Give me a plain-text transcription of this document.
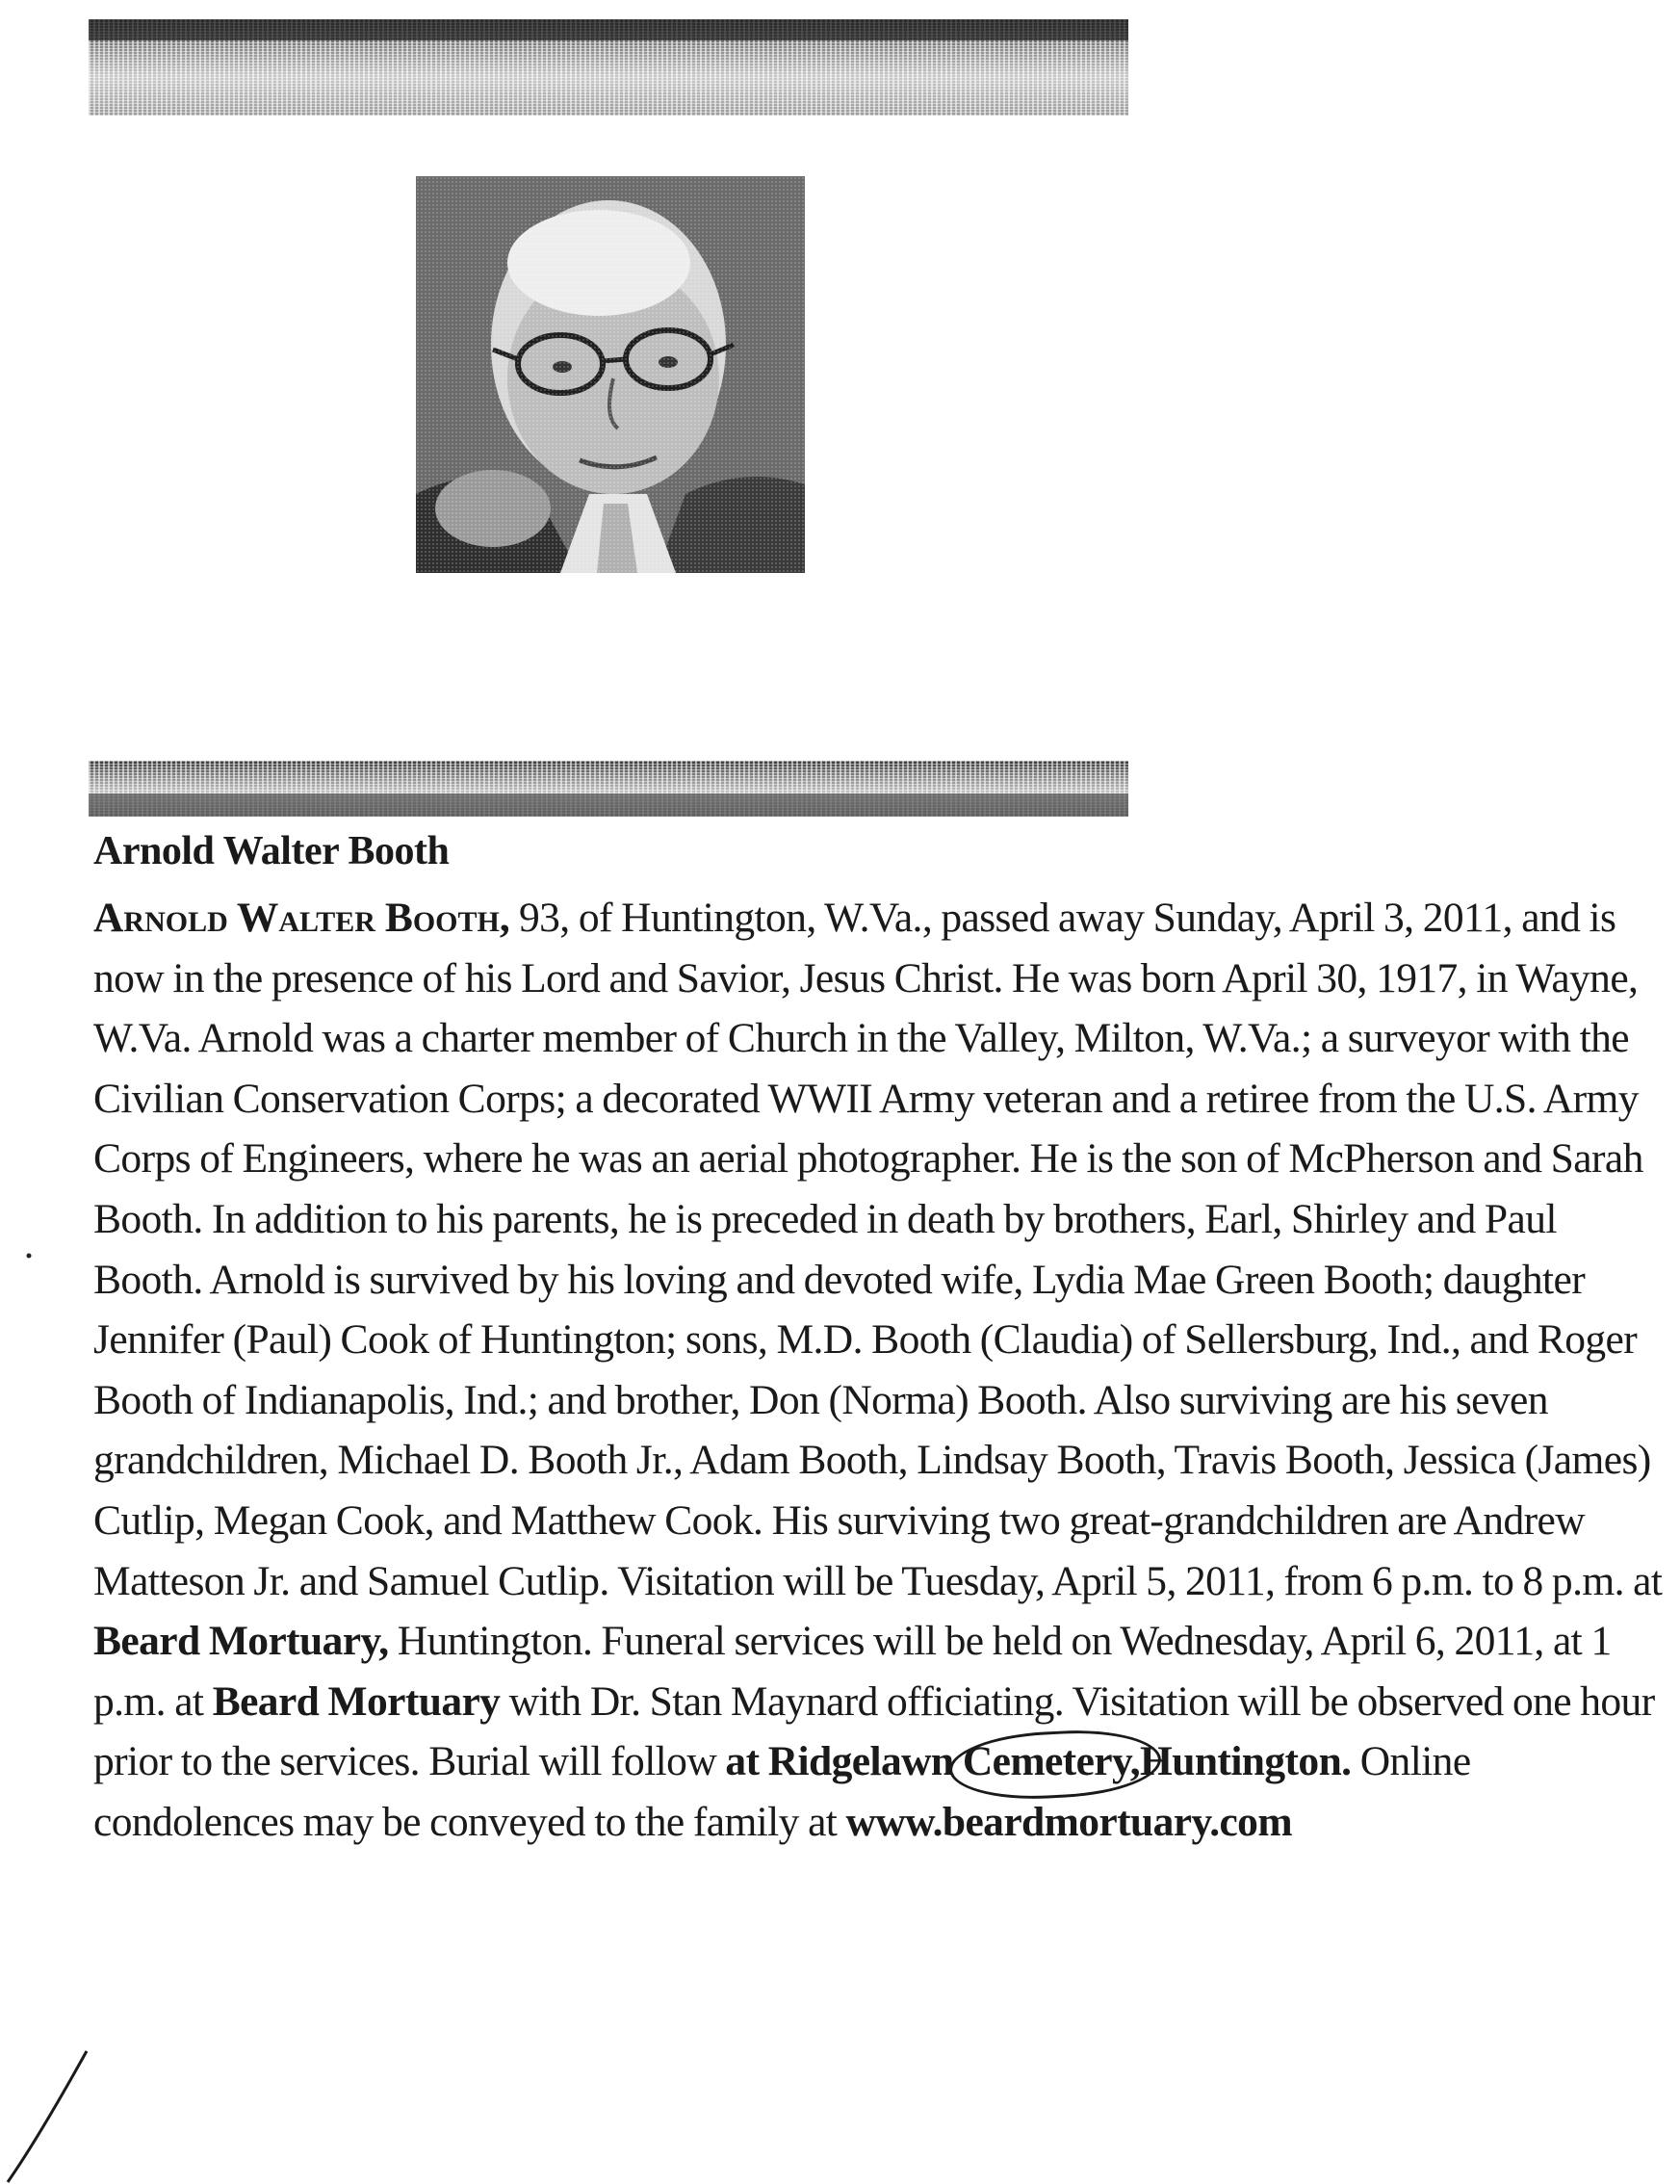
Arnold Walter Booth

Arnold Walter Booth, 93, of Huntington, W.Va., passed away Sunday, April 3, 2011, and is now in the presence of his Lord and Savior, Jesus Christ. He was born April 30, 1917, in Wayne, W.Va. Arnold was a charter member of Church in the Valley, Milton, W.Va.; a surveyor with the Civilian Conservation Corps; a decorated WWII Army veteran and a retiree from the U.S. Army Corps of Engineers, where he was an aerial photographer. He is the son of McPherson and Sarah Booth. In addition to his parents, he is preceded in death by brothers, Earl, Shirley and Paul Booth. Arnold is survived by his loving and devoted wife, Lydia Mae Green Booth; daughter Jennifer (Paul) Cook of Huntington; sons, M.D. Booth (Claudia) of Sellersburg, Ind., and Roger Booth of Indianapolis, Ind.; and brother, Don (Norma) Booth. Also surviving are his seven grandchildren, Michael D. Booth Jr., Adam Booth, Lindsay Booth, Travis Booth, Jessica (James) Cutlip, Megan Cook, and Matthew Cook. His surviving two great-grandchildren are Andrew Matteson Jr. and Samuel Cutlip. Visitation will be Tuesday, April 5, 2011, from 6 p.m. to 8 p.m. at Beard Mortuary, Huntington. Funeral services will be held on Wednesday, April 6, 2011, at 1 p.m. at Beard Mortuary with Dr. Stan Maynard officiating. Visitation will be observed one hour prior to the services. Burial will follow at Ridgelawn Cemetery,Huntington. Online condolences may be conveyed to the family at www.beardmortuary.com
